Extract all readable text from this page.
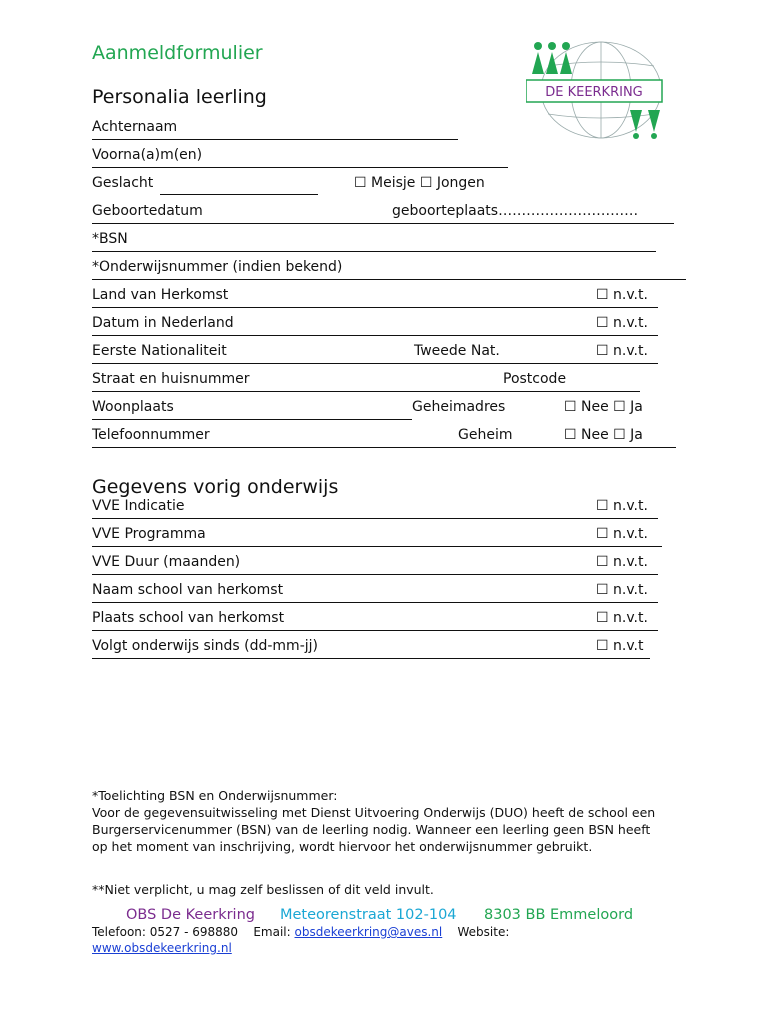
Aanmeldformulier
DE KEERKRING
Personalia leerling
Achternaam
Voorna(a)m(en)
Geslacht	☐ Meisje ☐ Jongen
Geboortedatum	geboorteplaats…………………………
*BSN
*Onderwijsnummer (indien bekend)
Land van Herkomst	☐ n.v.t.
Datum in Nederland	☐ n.v.t.
Eerste Nationaliteit	Tweede Nat.	☐ n.v.t.
Straat en huisnummer	Postcode
Woonplaats	Geheimadres	☐ Nee ☐ Ja
Telefoonnummer	Geheim	☐ Nee ☐ Ja
Gegevens vorig onderwijs
VVE Indicatie	☐ n.v.t.
VVE Programma	☐ n.v.t.
VVE Duur (maanden)	☐ n.v.t.
Naam school van herkomst	☐ n.v.t.
Plaats school van herkomst	☐ n.v.t.
Volgt onderwijs sinds (dd-mm-jj)	☐ n.v.t
*Toelichting BSN en Onderwijsnummer:
Voor de gegevensuitwisseling met Dienst Uitvoering Onderwijs (DUO) heeft de school een Burgerservicenummer (BSN) van de leerling nodig. Wanneer een leerling geen BSN heeft op het moment van inschrijving, wordt hiervoor het onderwijsnummer gebruikt.
**Niet verplicht, u mag zelf beslissen of dit veld invult.
OBS De Keerkring Meteorenstraat 102-104 8303 BB Emmeloord
Telefoon: 0527 - 698880 Email: obsdekeerkring@aves.nl Website:
www.obsdekeerkring.nl
